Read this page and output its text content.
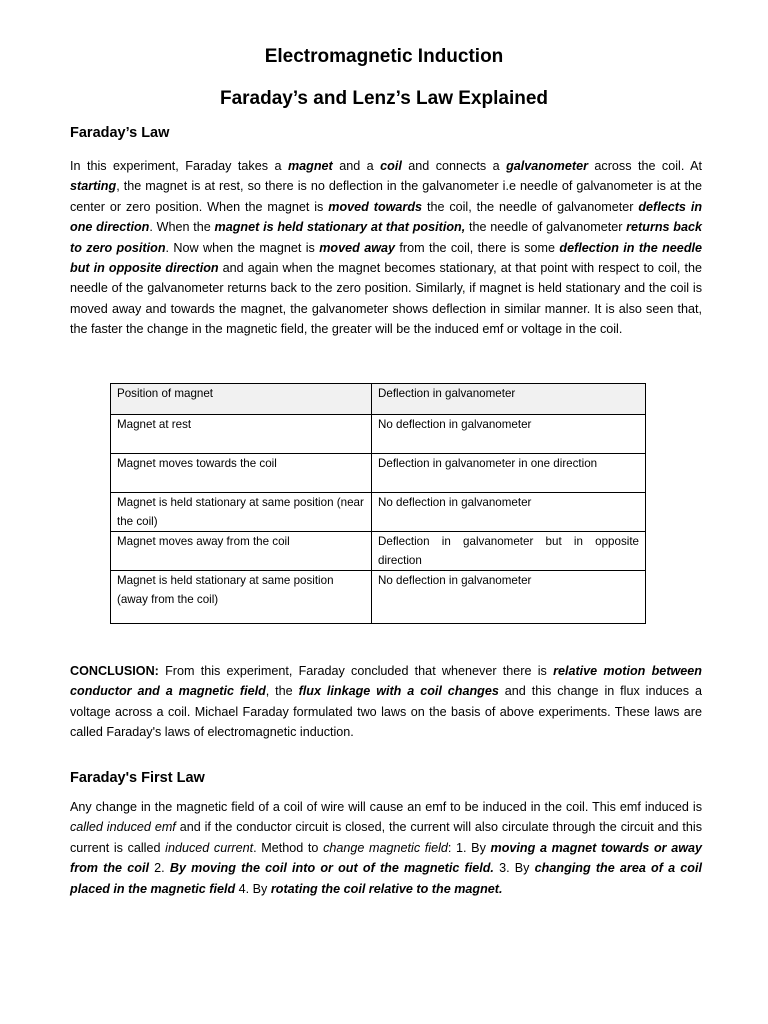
Electromagnetic Induction
Faraday’s and Lenz’s Law Explained
Faraday’s Law

In this experiment, Faraday takes a magnet and a coil and connects a galvanometer across the coil. At starting, the magnet is at rest, so there is no deflection in the galvanometer i.e needle of galvanometer is at the center or zero position. When the magnet is moved towards the coil, the needle of galvanometer deflects in one direction. When the magnet is held stationary at that position, the needle of galvanometer returns back to zero position. Now when the magnet is moved away from the coil, there is some deflection in the needle but in opposite direction and again when the magnet becomes stationary, at that point with respect to coil, the needle of the galvanometer returns back to the zero position. Similarly, if magnet is held stationary and the coil is moved away and towards the magnet, the galvanometer shows deflection in similar manner. It is also seen that, the faster the change in the magnetic field, the greater will be the induced emf or voltage in the coil.

Position of magnet	Deflection in galvanometer
Magnet at rest	No deflection in galvanometer
Magnet moves towards the coil	Deflection in galvanometer in one direction
Magnet is held stationary at same position (near the coil)	No deflection in galvanometer
Magnet moves away from the coil	Deflection in galvanometer but in opposite direction
Magnet is held stationary at same position (away from the coil)	No deflection in galvanometer

CONCLUSION: From this experiment, Faraday concluded that whenever there is relative motion between conductor and a magnetic field, the flux linkage with a coil changes and this change in flux induces a voltage across a coil. Michael Faraday formulated two laws on the basis of above experiments. These laws are called Faraday's laws of electromagnetic induction.

Faraday's First Law

Any change in the magnetic field of a coil of wire will cause an emf to be induced in the coil. This emf induced is called induced emf and if the conductor circuit is closed, the current will also circulate through the circuit and this current is called induced current. Method to change magnetic field: 1. By moving a magnet towards or away from the coil 2. By moving the coil into or out of the magnetic field. 3. By changing the area of a coil placed in the magnetic field 4. By rotating the coil relative to the magnet.
